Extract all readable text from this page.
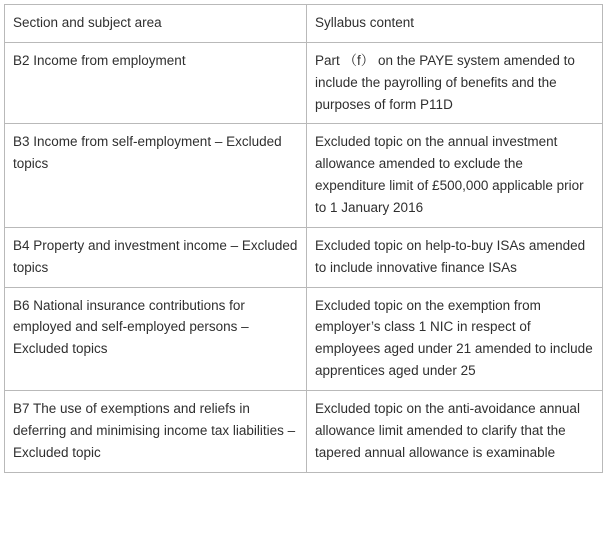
Section and subject area	Syllabus content

B2 Income from employment	Part （f） on the PAYE system amended to include the payrolling of benefits and the purposes of form P11D

B3 Income from self-employment – Excluded topics	Excluded topic on the annual investment allowance amended to exclude the expenditure limit of £500,000 applicable prior to 1 January 2016

B4 Property and investment income – Excluded topics	Excluded topic on help-to-buy ISAs amended to include innovative finance ISAs

B6 National insurance contributions for employed and self-employed persons – Excluded topics	Excluded topic on the exemption from employer’s class 1 NIC in respect of employees aged under 21 amended to include apprentices aged under 25

B7 The use of exemptions and reliefs in deferring and minimising income tax liabilities – Excluded topic	Excluded topic on the anti-avoidance annual allowance limit amended to clarify that the tapered annual allowance is examinable
